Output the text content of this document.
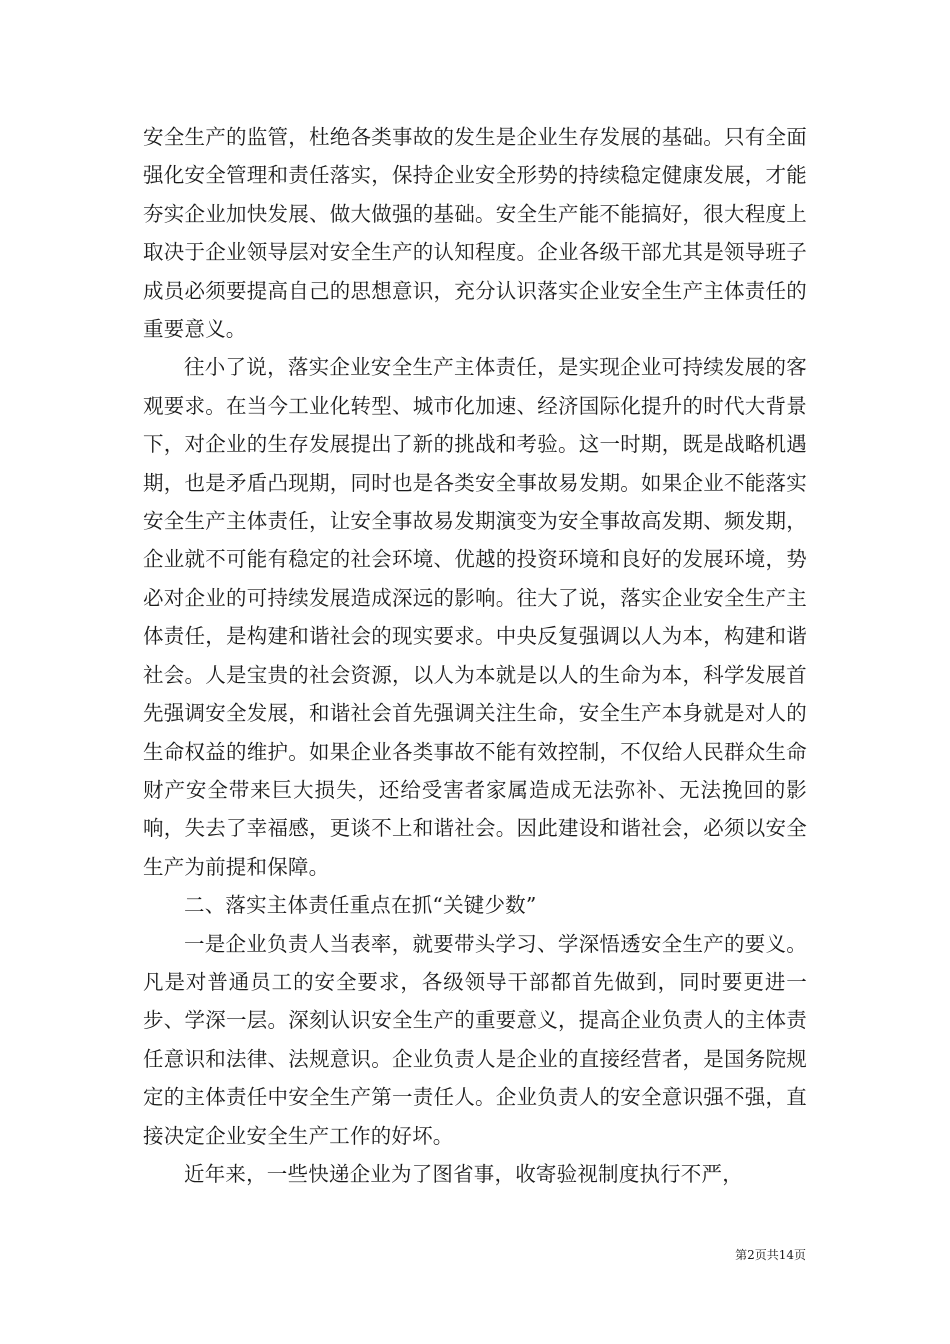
安全生产的监管，杜绝各类事故的发生是企业生存发展的基础。只有全面强化安全管理和责任落实，保持企业安全形势的持续稳定健康发展，才能夯实企业加快发展、做大做强的基础。安全生产能不能搞好，很大程度上取决于企业领导层对安全生产的认知程度。企业各级干部尤其是领导班子成员必须要提高自己的思想意识，充分认识落实企业安全生产主体责任的重要意义。

往小了说，落实企业安全生产主体责任，是实现企业可持续发展的客观要求。在当今工业化转型、城市化加速、经济国际化提升的时代大背景下，对企业的生存发展提出了新的挑战和考验。这一时期，既是战略机遇期，也是矛盾凸现期，同时也是各类安全事故易发期。如果企业不能落实安全生产主体责任，让安全事故易发期演变为安全事故高发期、频发期，企业就不可能有稳定的社会环境、优越的投资环境和良好的发展环境，势必对企业的可持续发展造成深远的影响。往大了说，落实企业安全生产主体责任，是构建和谐社会的现实要求。中央反复强调以人为本，构建和谐社会。人是宝贵的社会资源，以人为本就是以人的生命为本，科学发展首先强调安全发展，和谐社会首先强调关注生命，安全生产本身就是对人的生命权益的维护。如果企业各类事故不能有效控制，不仅给人民群众生命财产安全带来巨大损失，还给受害者家属造成无法弥补、无法挽回的影响，失去了幸福感，更谈不上和谐社会。因此建设和谐社会，必须以安全生产为前提和保障。

二、落实主体责任重点在抓“关键少数”

一是企业负责人当表率，就要带头学习、学深悟透安全生产的要义。凡是对普通员工的安全要求，各级领导干部都首先做到，同时要更进一步、学深一层。深刻认识安全生产的重要意义，提高企业负责人的主体责任意识和法律、法规意识。企业负责人是企业的直接经营者，是国务院规定的主体责任中安全生产第一责任人。企业负责人的安全意识强不强，直接决定企业安全生产工作的好坏。

近年来，一些快递企业为了图省事，收寄验视制度执行不严，

第2页共14页
